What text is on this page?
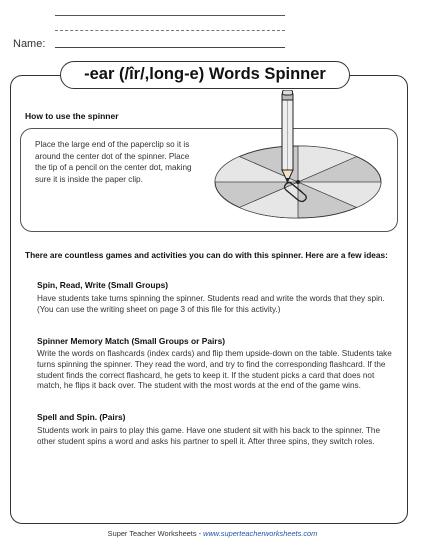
Name:
-ear (/îr/,long-e) Words Spinner
How to use the spinner
Place the large end of the paperclip so it is around the center dot of the spinner. Place the tip of a pencil on the center dot, making sure it is inside the paper clip.
There are countless games and activities you can do with this spinner. Here are a few ideas:
Spin, Read, Write (Small Groups)
Have students take turns spinning the spinner. Students read and write the words that they spin. (You can use the writing sheet on page 3 of this file for this activity.)
Spinner Memory Match (Small Groups or Pairs)
Write the words on flashcards (index cards) and flip them upside-down on the table. Students take turns spinning the spinner. They read the word, and try to find the corresponding flashcard. If the student finds the correct flashcard, he gets to keep it. If the student picks a card that does not match, he flips it back over. The student with the most words at the end of the game wins.
Spell and Spin. (Pairs)
Students work in pairs to play this game. Have one student sit with his back to the spinner. The other student spins a word and asks his partner to spell it. After three spins, they switch roles.
Super Teacher Worksheets - www.superteacherworksheets.com
